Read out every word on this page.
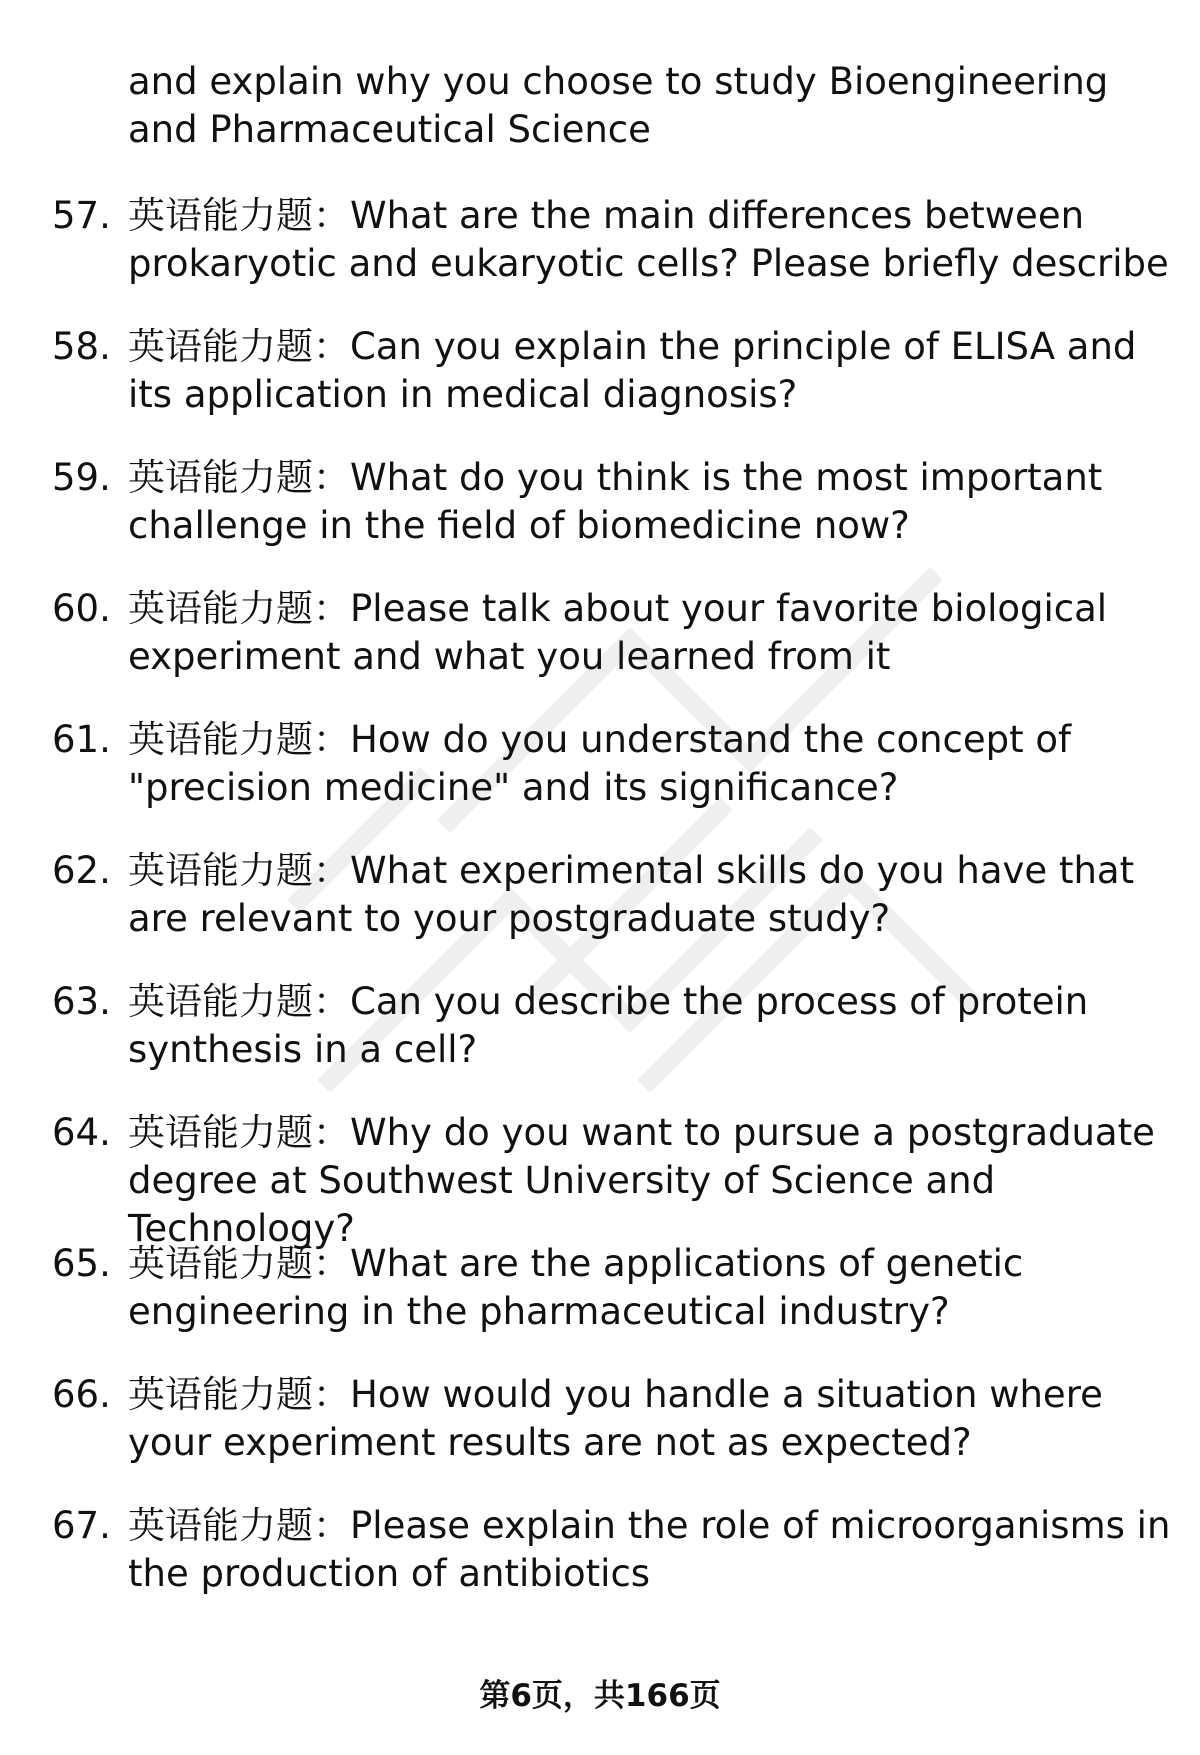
and explain why you choose to study Bioengineering and Pharmaceutical Science
57. 英语能力题：What are the main differences between prokaryotic and eukaryotic cells? Please briefly describe
58. 英语能力题：Can you explain the principle of ELISA and its application in medical diagnosis?
59. 英语能力题：What do you think is the most important challenge in the field of biomedicine now?
60. 英语能力题：Please talk about your favorite biological experiment and what you learned from it
61. 英语能力题：How do you understand the concept of "precision medicine" and its significance?
62. 英语能力题：What experimental skills do you have that are relevant to your postgraduate study?
63. 英语能力题：Can you describe the process of protein synthesis in a cell?
64. 英语能力题：Why do you want to pursue a postgraduate degree at Southwest University of Science and Technology?
65. 英语能力题：What are the applications of genetic engineering in the pharmaceutical industry?
66. 英语能力题：How would you handle a situation where your experiment results are not as expected?
67. 英语能力题：Please explain the role of microorganisms in the production of antibiotics
第6页，共166页
